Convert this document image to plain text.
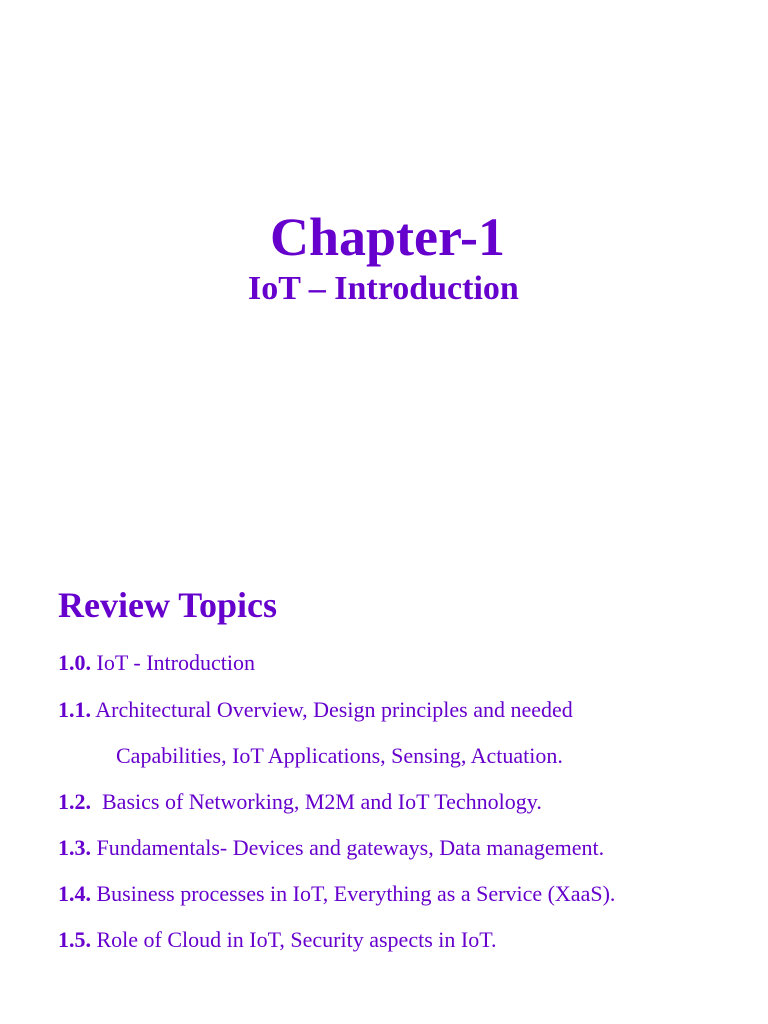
Chapter-1
IoT – Introduction
Review Topics

1.0. IoT - Introduction

1.1. Architectural Overview, Design principles and needed

Capabilities, IoT Applications, Sensing, Actuation.

1.2.  Basics of Networking, M2M and IoT Technology.

1.3. Fundamentals- Devices and gateways, Data management.

1.4. Business processes in IoT, Everything as a Service (XaaS).

1.5. Role of Cloud in IoT, Security aspects in IoT.
